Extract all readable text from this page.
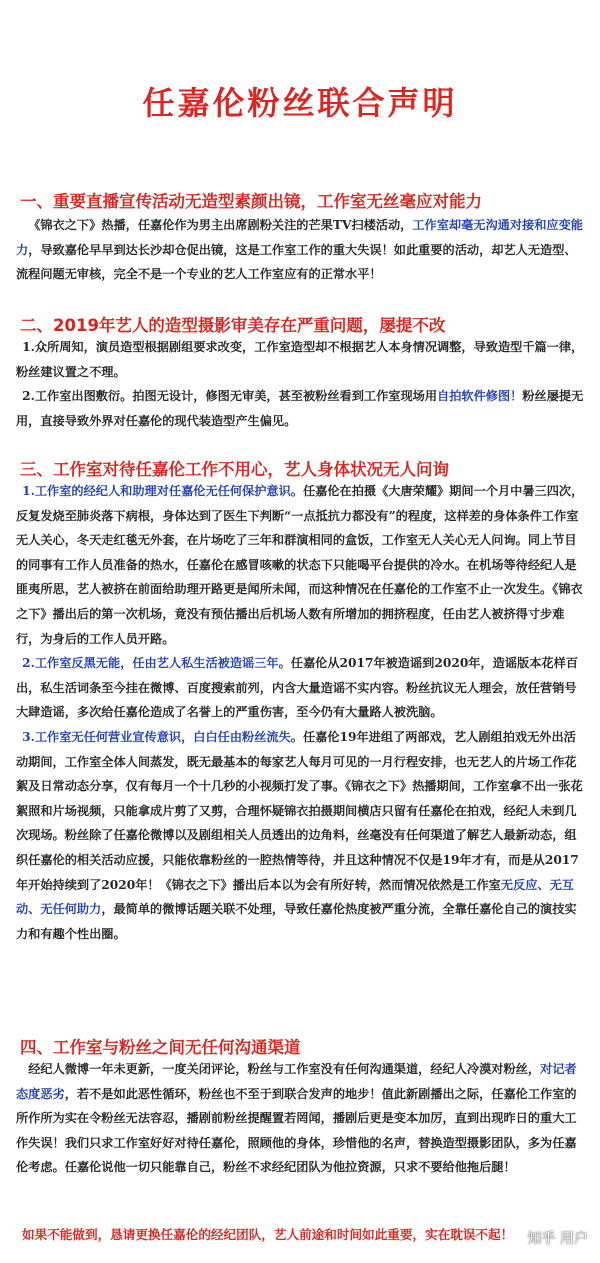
任嘉伦粉丝联合声明
一、重要直播宣传活动无造型素颜出镜，工作室无丝毫应对能力

 《锦衣之下》热播，任嘉伦作为男主出席剧粉关注的芒果TV扫楼活动，工作室却毫无沟通对接和应变能力，导致嘉伦早早到达长沙却仓促出镜，这是工作室工作的重大失误！如此重要的活动，却艺人无造型、流程问题无审核，完全不是一个专业的艺人工作室应有的正常水平！

二、2019年艺人的造型摄影审美存在严重问题，屡提不改

 1.众所周知，演员造型根据剧组要求改变，工作室造型却不根据艺人本身情况调整，导致造型千篇一律，粉丝建议置之不理。

 2.工作室出图敷衍。拍图无设计，修图无审美，甚至被粉丝看到工作室现场用自拍软件修图！粉丝屡提无用，直接导致外界对任嘉伦的现代装造型产生偏见。

三、工作室对待任嘉伦工作不用心，艺人身体状况无人问询

 1.工作室的经纪人和助理对任嘉伦无任何保护意识。任嘉伦在拍摄《大唐荣耀》期间一个月中暑三四次，反复发烧至肺炎落下病根，身体达到了医生下判断“一点抵抗力都没有”的程度，这样差的身体条件工作室无人关心，冬天走红毯无外套，在片场吃了三年和群演相同的盒饭，工作室无人关心无人问询。同上节目的同事有工作人员准备的热水，任嘉伦在感冒咳嗽的状态下只能喝平台提供的冷水。在机场等待经纪人是匪夷所思，艺人被挤在前面给助理开路更是闻所未闻，而这种情况在任嘉伦的工作室不止一次发生。《锦衣之下》播出后的第一次机场，竟没有预估播出后机场人数有所增加的拥挤程度，任由艺人被挤得寸步难行，为身后的工作人员开路。

 2.工作室反黑无能，任由艺人私生活被造谣三年。任嘉伦从2017年被造谣到2020年，造谣版本花样百出，私生活词条至今挂在微博、百度搜索前列，内含大量造谣不实内容。粉丝抗议无人理会，放任营销号大肆造谣，多次给任嘉伦造成了名誉上的严重伤害，至今仍有大量路人被洗脑。

 3.工作室无任何营业宣传意识，白白任由粉丝流失。任嘉伦19年进组了两部戏，艺人剧组拍戏无外出活动期间，工作室全体人间蒸发，既无最基本的每家艺人每月可见的一月行程安排，也无艺人的片场工作花絮及日常动态分享，仅有每月一个十几秒的小视频打发了事。《锦衣之下》热播期间，工作室拿不出一张花絮照和片场视频，只能拿成片剪了又剪，合理怀疑锦衣拍摄期间横店只留有任嘉伦在拍戏，经纪人未到几次现场。粉丝除了任嘉伦微博以及剧组相关人员透出的边角料，丝毫没有任何渠道了解艺人最新动态，组织任嘉伦的相关活动应援，只能依靠粉丝的一腔热情等待，并且这种情况不仅是19年才有，而是从2017年开始持续到了2020年！《锦衣之下》播出后本以为会有所好转，然而情况依然是工作室无反应、无互动、无任何助力，最简单的微博话题关联不处理，导致任嘉伦热度被严重分流，全靠任嘉伦自己的演技实力和有趣个性出圈。

四、工作室与粉丝之间无任何沟通渠道

 经纪人微博一年未更新，一度关闭评论，粉丝与工作室没有任何沟通渠道，经纪人冷漠对粉丝，对记者态度恶劣，若不是如此恶性循环，粉丝也不至于到联合发声的地步！值此新剧播出之际，任嘉伦工作室的所作所为实在令粉丝无法容忍，播剧前粉丝提醒置若罔闻，播剧后更是变本加厉，直到出现昨日的重大工作失误！我们只求工作室好好对待任嘉伦，照顾他的身体，珍惜他的名声，替换造型摄影团队，多为任嘉伦考虑。任嘉伦说他一切只能靠自己，粉丝不求经纪团队为他拉资源，只求不要给他拖后腿！

如果不能做到，恳请更换任嘉伦的经纪团队，艺人前途和时间如此重要，实在耽误不起！	知乎 用户
